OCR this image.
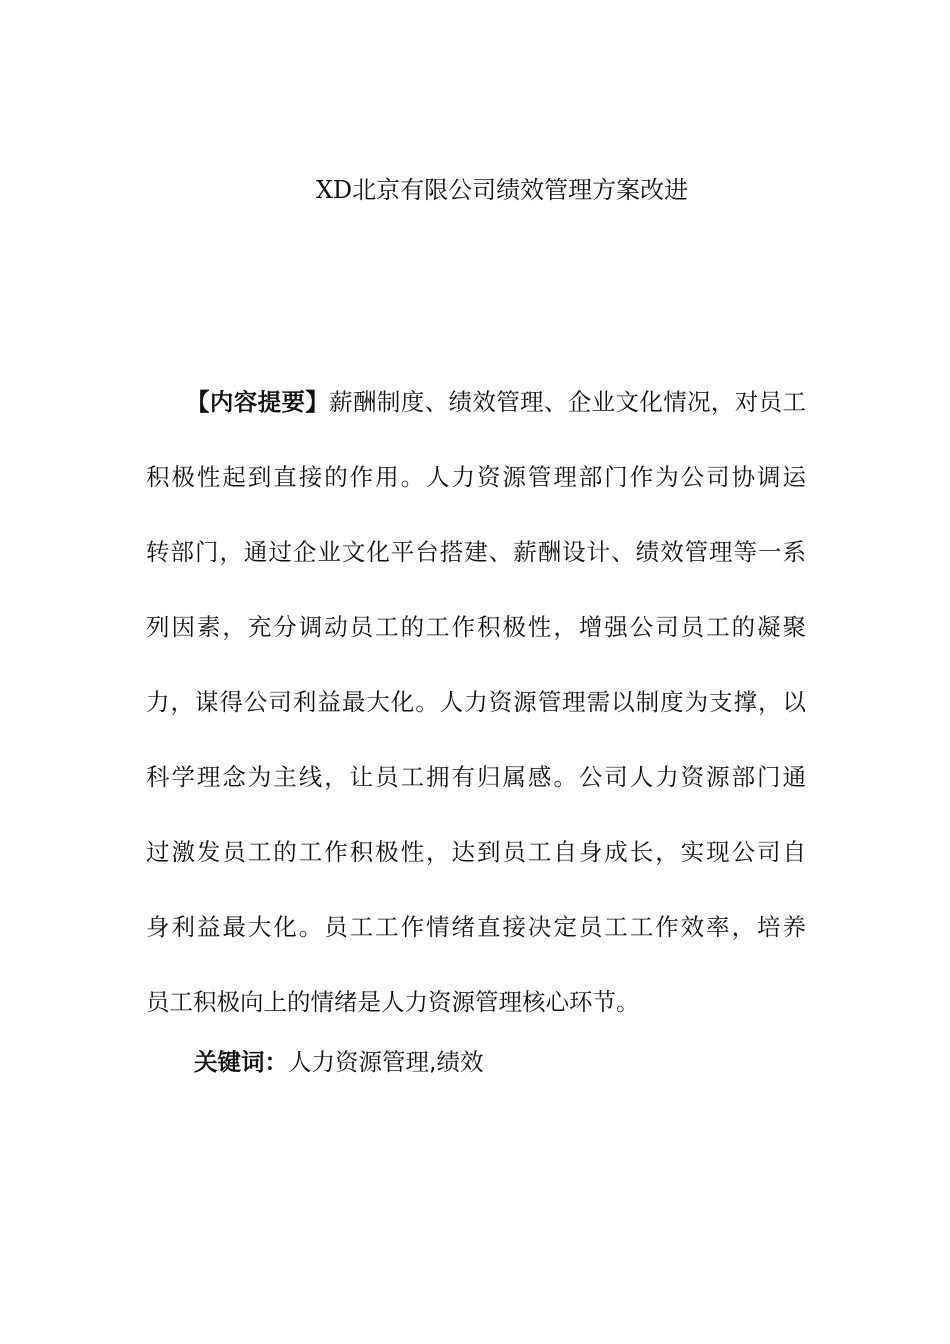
XD北京有限公司绩效管理方案改进
【内容提要】薪酬制度、绩效管理、企业文化情况，对员工
积极性起到直接的作用。人力资源管理部门作为公司协调运
转部门，通过企业文化平台搭建、薪酬设计、绩效管理等一系
列因素，充分调动员工的工作积极性，增强公司员工的凝聚
力，谋得公司利益最大化。人力资源管理需以制度为支撑，以
科学理念为主线，让员工拥有归属感。公司人力资源部门通
过激发员工的工作积极性，达到员工自身成长，实现公司自
身利益最大化。员工工作情绪直接决定员工工作效率，培养
员工积极向上的情绪是人力资源管理核心环节。
关键词：人力资源管理,绩效
